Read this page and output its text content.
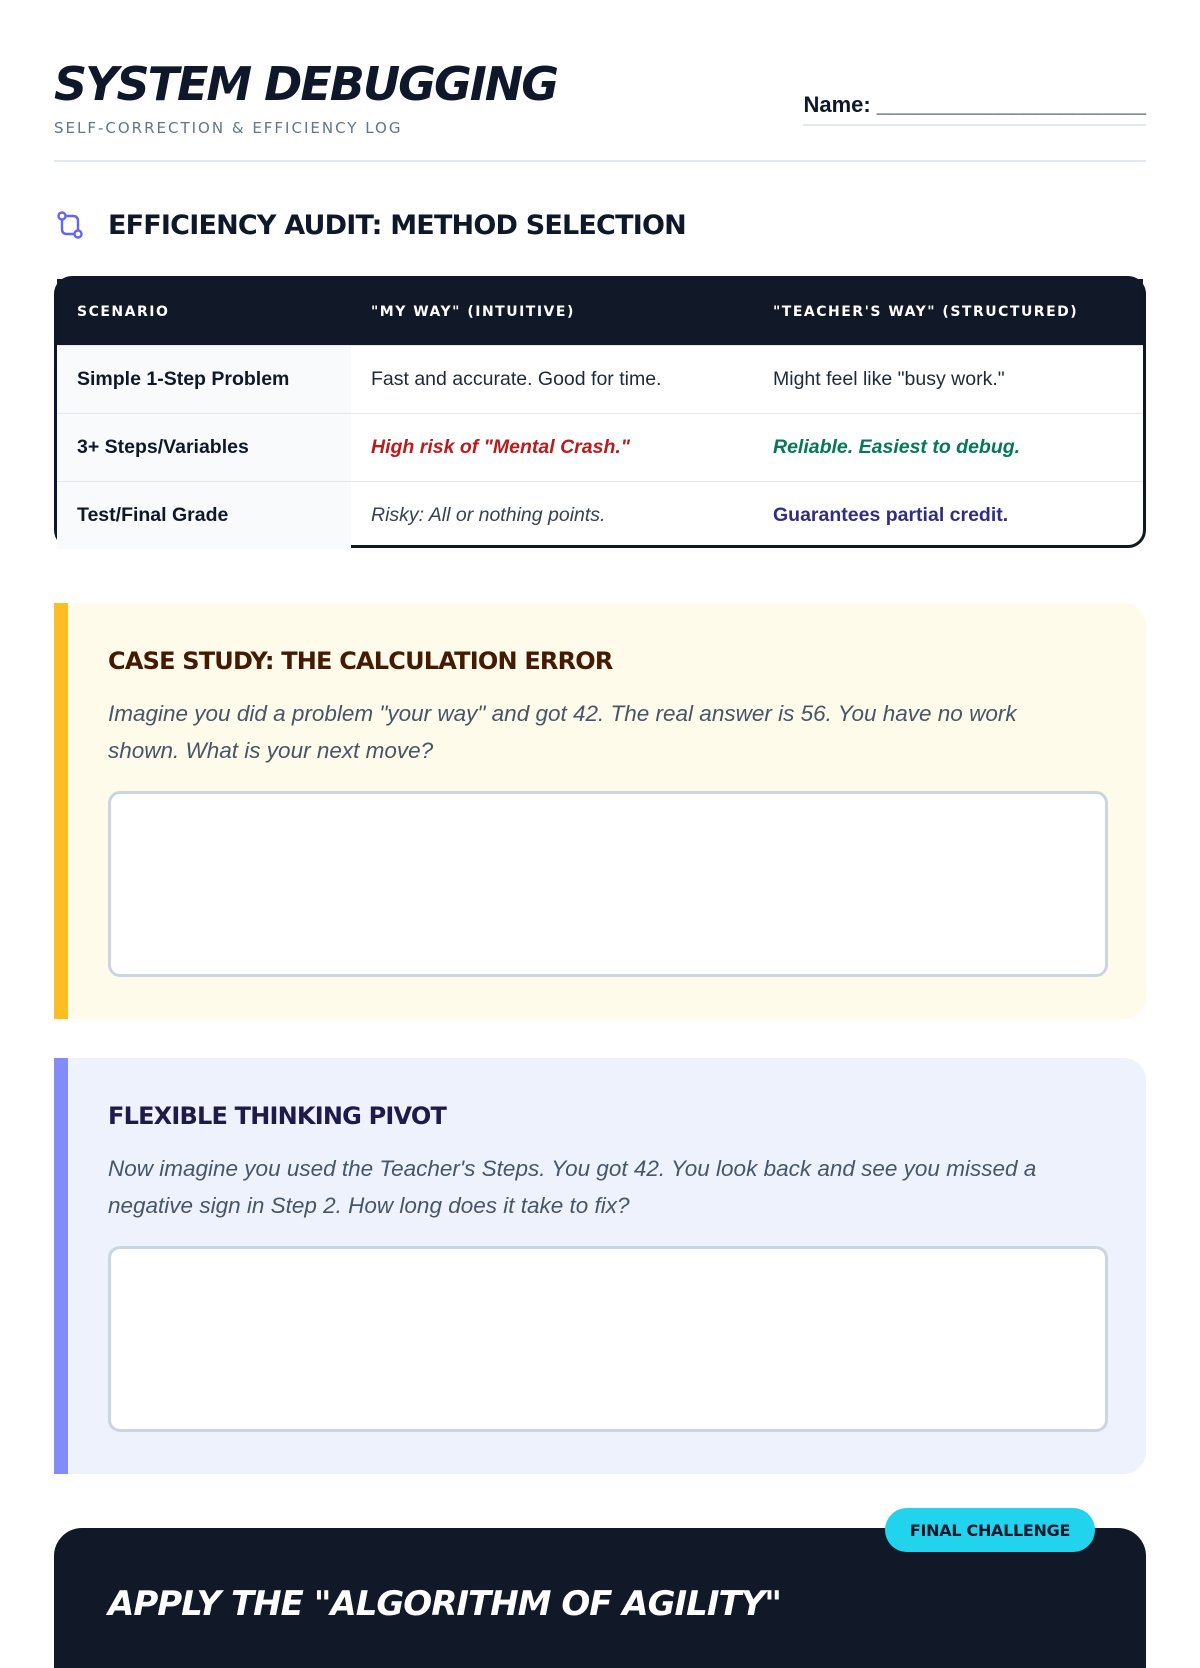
SYSTEM DEBUGGING
SELF-CORRECTION & EFFICIENCY LOG
Name: ______________________
EFFICIENCY AUDIT: METHOD SELECTION
SCENARIO	"MY WAY" (INTUITIVE)	"TEACHER'S WAY" (STRUCTURED)
Simple 1-Step Problem	Fast and accurate. Good for time.	Might feel like "busy work."
3+ Steps/Variables	High risk of "Mental Crash."	Reliable. Easiest to debug.
Test/Final Grade	Risky: All or nothing points.	Guarantees partial credit.
CASE STUDY: THE CALCULATION ERROR
Imagine you did a problem "your way" and got 42. The real answer is 56. You have no work shown. What is your next move?
FLEXIBLE THINKING PIVOT
Now imagine you used the Teacher's Steps. You got 42. You look back and see you missed a negative sign in Step 2. How long does it take to fix?
APPLY THE "ALGORITHM OF AGILITY"
FINAL CHALLENGE
